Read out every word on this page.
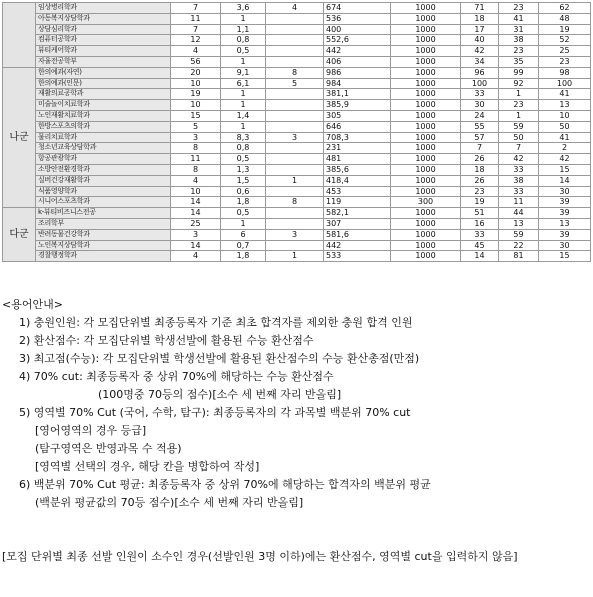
	임상병리학과	7	3,6	4	674	1000	71	23	62	
	아동복지상담학과	11	1		536	1000	18	41	48	
	상담심리학과	7	1,1		400	1000	17	31	19	
	컴퓨터공학과	12	0,8		552,6	1000	40	38	52	
	뷰티케어학과	4	0,5		442	1000	42	23	25	
	자율전공학부	56	1		406	1000	34	35	23	
나군	한의예과(자연)	20	9,1	8	986	1000	96	99	98	
	한의예과(인문)	10	6,1	5	984	1000	100	92	100	
	재활의료공학과	19	1		381,1	1000	33	1	41	
	미술놀이치료학과	10	1		385,9	1000	30	23	13	
	노인재활치료학과	15	1,4		305	1000	24	1	10	
	한방스포츠의학과	5	1		646	1000	55	59	50	
	물리치료학과	3	8,3	3	708,3	1000	57	50	41	
	청소년교육상담학과	8	0,8		231	1000	7	7	2	
	항공관광학과	11	0,5		481	1000	26	42	42	
	소방안전환경학과	8	1,3		385,6	1000	18	33	15	
	실버건강재활학과	4	1,5	1	418,4	1000	26	38	14	
	식품영양학과	10	0,6		453	1000	23	33	30	
	시니어스포츠학과	14	1,8	8	119	300	19	11	39	
다군	k-뷰티비즈니스전공	14	0,5		582,1	1000	51	44	39	
	조리학부	25	1		307	1000	16	13	13	
	반려동물건강학과	3	6	3	581,6	1000	33	59	39	
	노인복지상담학과	14	0,7		442	1000	45	22	30	
	경찰행정학과	4	1,8	1	533	1000	14	81	15	
<용어안내>
1) 충원인원: 각 모집단위별 최종등록자 기준 최초 합격자를 제외한 충원 합격 인원
2) 환산점수: 각 모집단위별 학생선발에 활용된 수능 환산점수
3) 최고점(수능): 각 모집단위별 학생선발에 활용된 환산점수의 수능 환산총점(만점)
4) 70% cut: 최종등록자 중 상위 70%에 해당하는 수능 환산점수
(100명중 70등의 점수)[소수 세 번째 자리 반올림]
5) 영역별 70% Cut (국어, 수학, 탐구): 최종등록자의 각 과목별 백분위 70% cut
[영어영역의 경우 등급]
(탐구영역은 반영과목 수 적용)
[영역별 선택의 경우, 해당 칸을 병합하여 작성]
6) 백분위 70% Cut 평균: 최종등록자 중 상위 70%에 해당하는 합격자의 백분위 평균
(백분위 평균값의 70등 점수)[소수 세 번째 자리 반올림]
[모집 단위별 최종 선발 인원이 소수인 경우(선발인원 3명 이하)에는 환산점수, 영역별 cut을 입력하지 않음]
